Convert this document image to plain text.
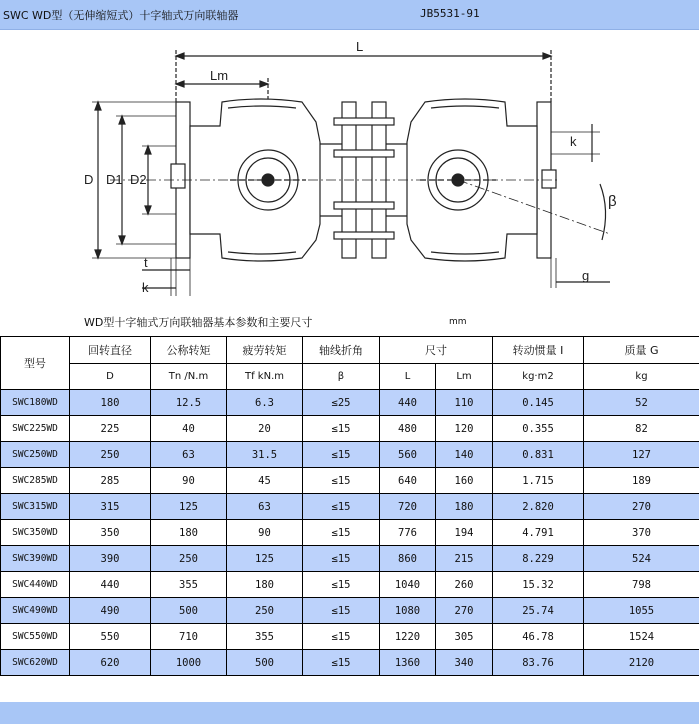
SWC WD型（无伸缩短式）十字轴式万向联轴器	JB5531-91
L
Lm
D D1 D2
t
k
k
β
g
WD型十字轴式万向联轴器基本参数和主要尺寸	mm
型号	回转直径	公称转矩	疲劳转矩	轴线折角	尺寸		转动惯量 I	质量 G
	D	Tn /N.m	Tf kN.m	β	L	Lm	kg·m2	kg
SWC180WD	180	12.5	6.3	≤25	440	110	0.145	52
SWC225WD	225	40	20	≤15	480	120	0.355	82
SWC250WD	250	63	31.5	≤15	560	140	0.831	127
SWC285WD	285	90	45	≤15	640	160	1.715	189
SWC315WD	315	125	63	≤15	720	180	2.820	270
SWC350WD	350	180	90	≤15	776	194	4.791	370
SWC390WD	390	250	125	≤15	860	215	8.229	524
SWC440WD	440	355	180	≤15	1040	260	15.32	798
SWC490WD	490	500	250	≤15	1080	270	25.74	1055
SWC550WD	550	710	355	≤15	1220	305	46.78	1524
SWC620WD	620	1000	500	≤15	1360	340	83.76	2120
